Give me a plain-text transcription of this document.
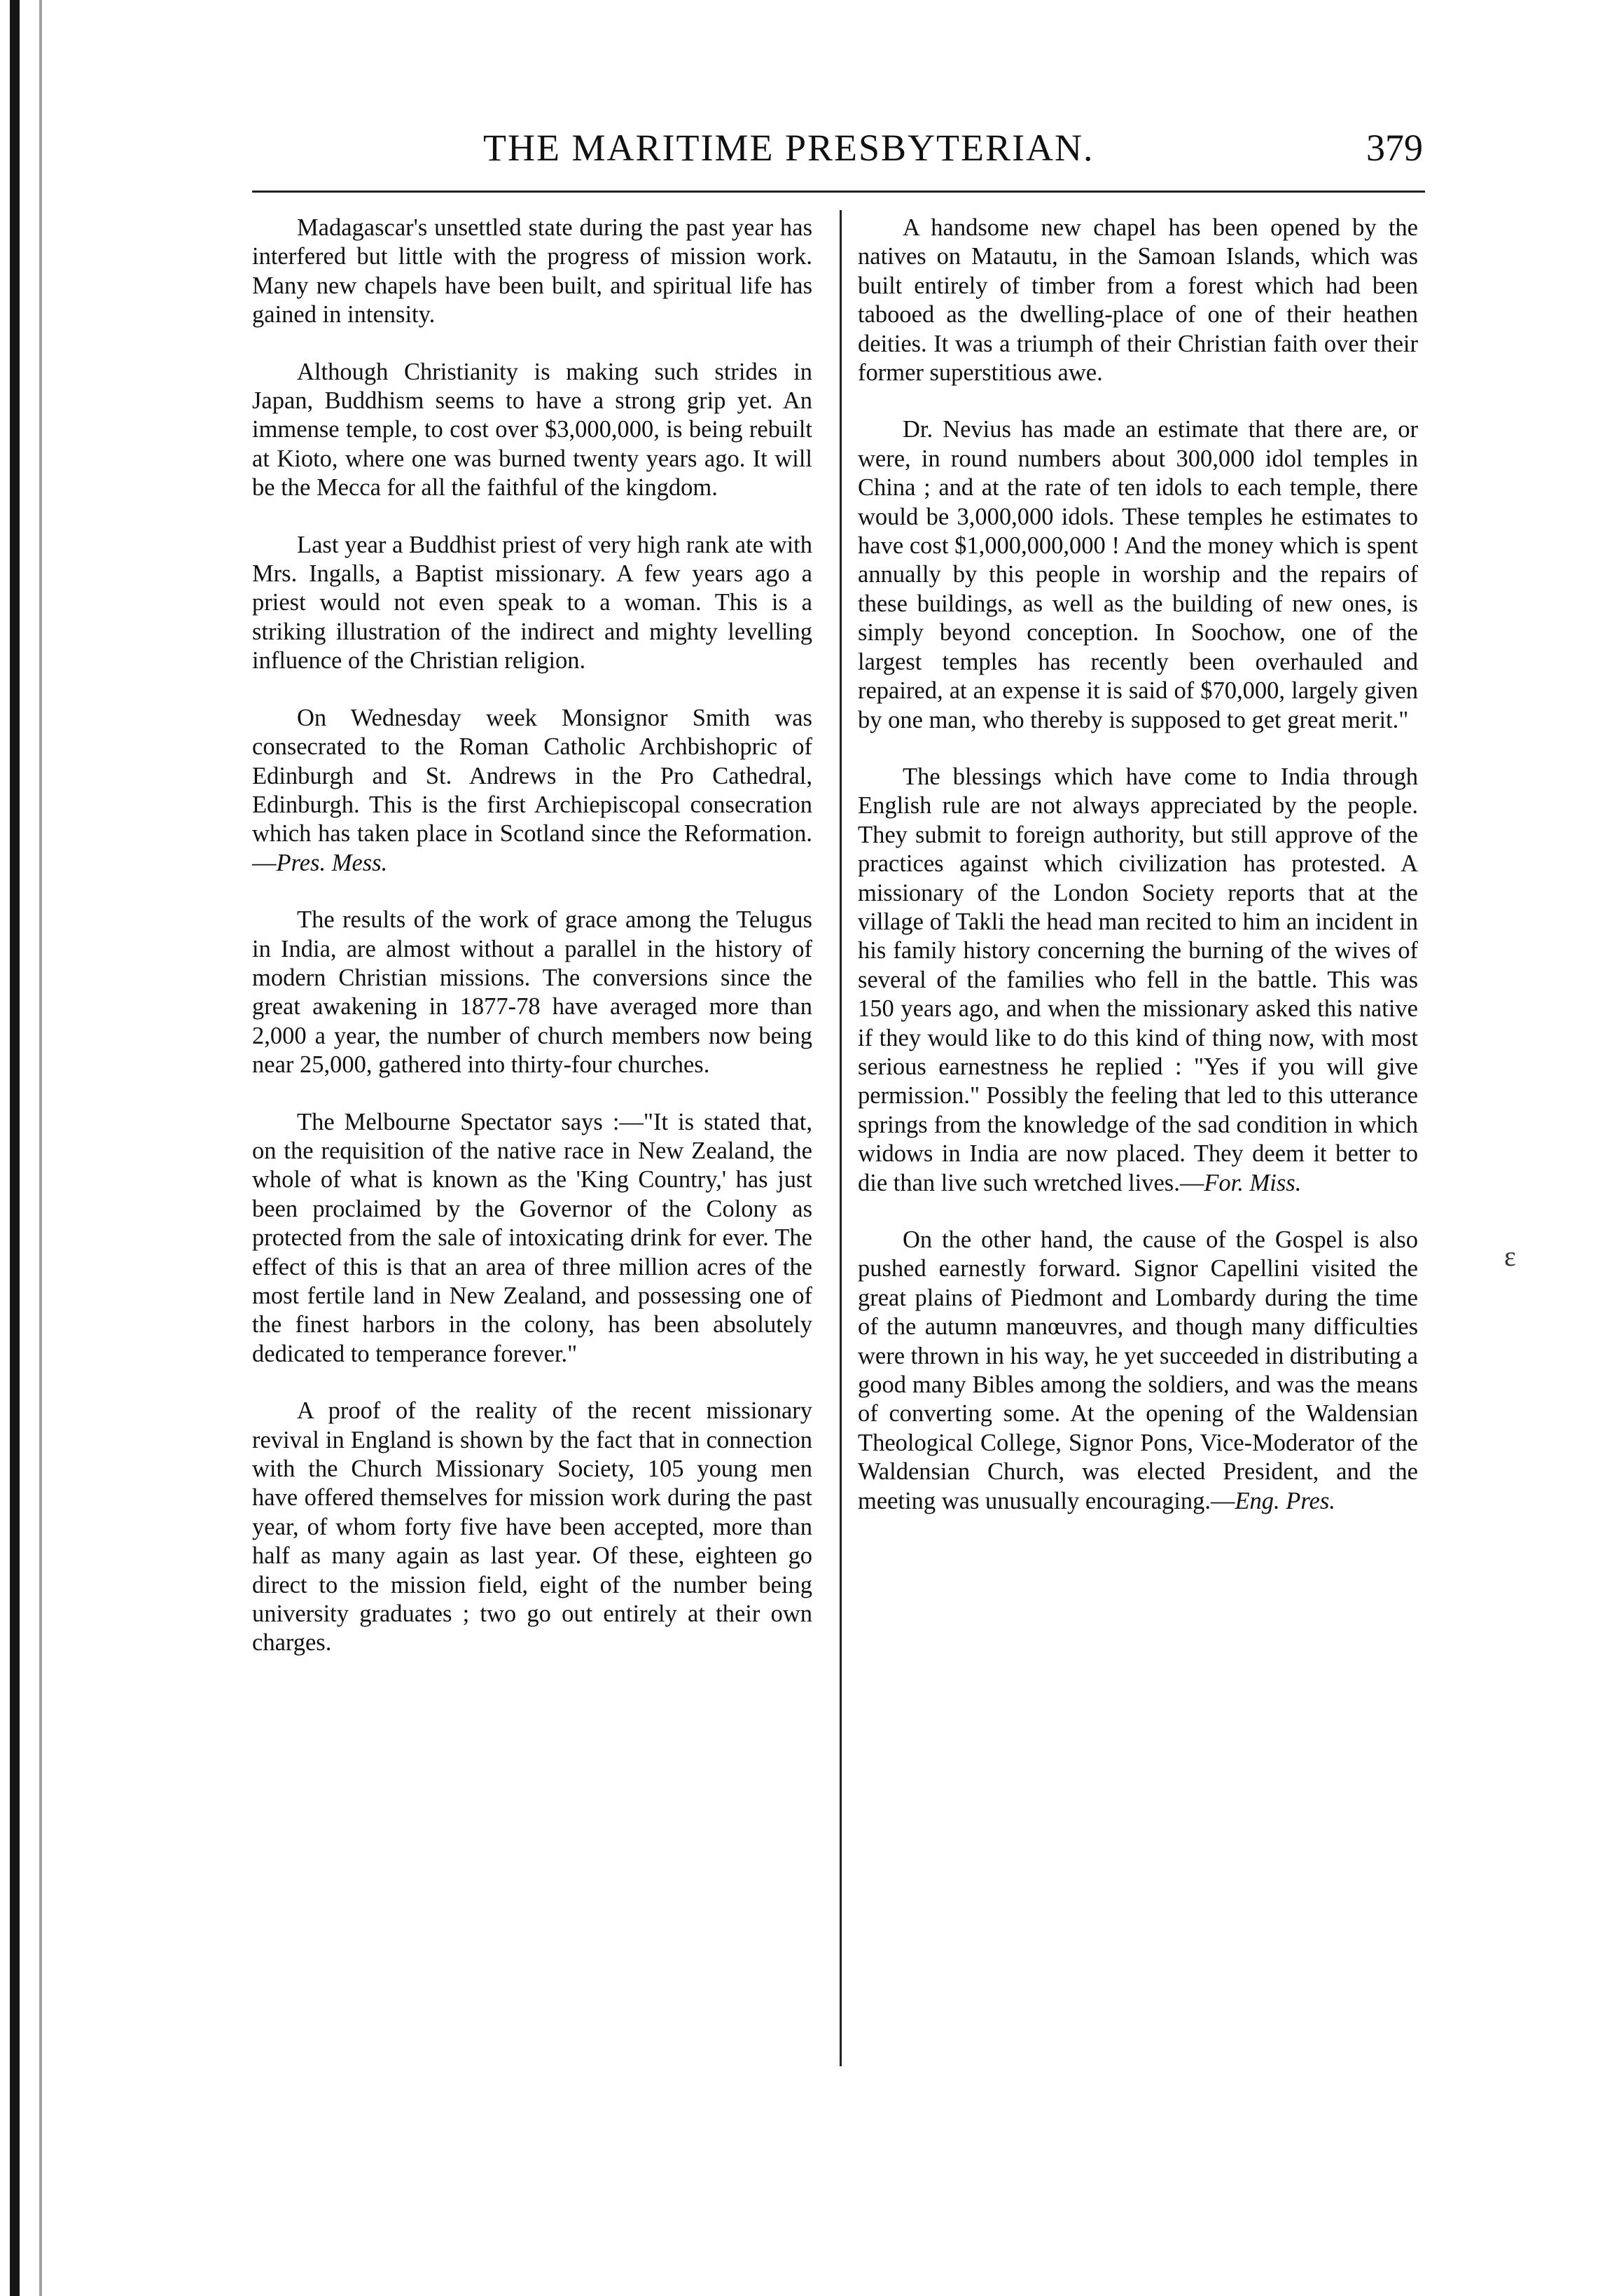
THE MARITIME PRESBYTERIAN.	379

Madagascar's unsettled state during the past year has interfered but little with the progress of mission work. Many new chapels have been built, and spiritual life has gained in intensity.

Although Christianity is making such strides in Japan, Buddhism seems to have a strong grip yet. An immense temple, to cost over $3,000,000, is being rebuilt at Kioto, where one was burned twenty years ago. It will be the Mecca for all the faithful of the kingdom.

Last year a Buddhist priest of very high rank ate with Mrs. Ingalls, a Baptist missionary. A few years ago a priest would not even speak to a woman. This is a striking illustration of the indirect and mighty levelling influence of the Christian religion.

On Wednesday week Monsignor Smith was consecrated to the Roman Catholic Archbishopric of Edinburgh and St. Andrews in the Pro Cathedral, Edinburgh. This is the first Archiepiscopal consecration which has taken place in Scotland since the Reformation.—Pres. Mess.

The results of the work of grace among the Telugus in India, are almost without a parallel in the history of modern Christian missions. The conversions since the great awakening in 1877-78 have averaged more than 2,000 a year, the number of church members now being near 25,000, gathered into thirty-four churches.

The Melbourne Spectator says :—"It is stated that, on the requisition of the native race in New Zealand, the whole of what is known as the 'King Country,' has just been proclaimed by the Governor of the Colony as protected from the sale of intoxicating drink for ever. The effect of this is that an area of three million acres of the most fertile land in New Zealand, and possessing one of the finest harbors in the colony, has been absolutely dedicated to temperance forever."

A proof of the reality of the recent missionary revival in England is shown by the fact that in connection with the Church Missionary Society, 105 young men have offered themselves for mission work during the past year, of whom forty five have been accepted, more than half as many again as last year. Of these, eighteen go direct to the mission field, eight of the number being university graduates ; two go out entirely at their own charges.

A handsome new chapel has been opened by the natives on Matautu, in the Samoan Islands, which was built entirely of timber from a forest which had been tabooed as the dwelling-place of one of their heathen deities. It was a triumph of their Christian faith over their former superstitious awe.

Dr. Nevius has made an estimate that there are, or were, in round numbers about 300,000 idol temples in China ; and at the rate of ten idols to each temple, there would be 3,000,000 idols. These temples he estimates to have cost $1,000,000,000 ! And the money which is spent annually by this people in worship and the repairs of these buildings, as well as the building of new ones, is simply beyond conception. In Soochow, one of the largest temples has recently been overhauled and repaired, at an expense it is said of $70,000, largely given by one man, who thereby is supposed to get great merit."

The blessings which have come to India through English rule are not always appreciated by the people. They submit to foreign authority, but still approve of the practices against which civilization has protested. A missionary of the London Society reports that at the village of Takli the head man recited to him an incident in his family history concerning the burning of the wives of several of the families who fell in the battle. This was 150 years ago, and when the missionary asked this native if they would like to do this kind of thing now, with most serious earnestness he replied : "Yes if you will give permission." Possibly the feeling that led to this utterance springs from the knowledge of the sad condition in which widows in India are now placed. They deem it better to die than live such wretched lives.—For. Miss.

On the other hand, the cause of the Gospel is also pushed earnestly forward. Signor Capellini visited the great plains of Piedmont and Lombardy during the time of the autumn manœuvres, and though many difficulties were thrown in his way, he yet succeeded in distributing a good many Bibles among the soldiers, and was the means of converting some. At the opening of the Waldensian Theological College, Signor Pons, Vice-Moderator of the Waldensian Church, was elected President, and the meeting was unusually encouraging.—Eng. Pres.

ɛ
